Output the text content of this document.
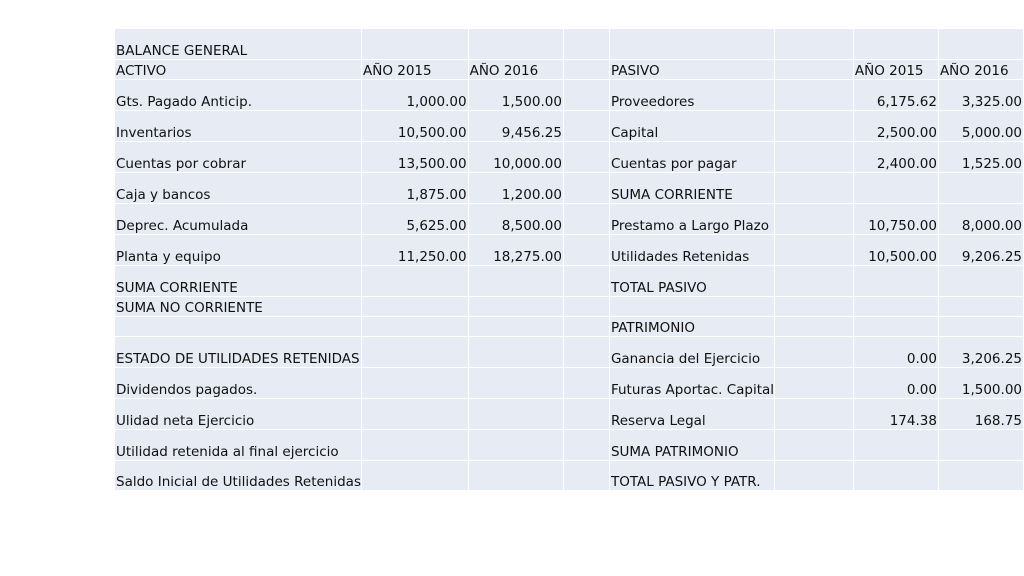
BALANCE GENERAL							
ACTIVO	AÑO 2015	AÑO 2016		PASIVO		AÑO 2015	AÑO 2016
Gts. Pagado Anticip.	1,000.00	1,500.00		Proveedores		6,175.62	3,325.00
Inventarios	10,500.00	9,456.25		Capital		2,500.00	5,000.00
Cuentas por cobrar	13,500.00	10,000.00		Cuentas por pagar		2,400.00	1,525.00
Caja y bancos	1,875.00	1,200.00		SUMA CORRIENTE			
Deprec. Acumulada	5,625.00	8,500.00		Prestamo a Largo Plazo		10,750.00	8,000.00
Planta y equipo	11,250.00	18,275.00		Utilidades Retenidas		10,500.00	9,206.25
SUMA CORRIENTE				TOTAL PASIVO			
SUMA NO CORRIENTE							
				PATRIMONIO			
ESTADO DE UTILIDADES RETENIDAS				Ganancia del Ejercicio		0.00	3,206.25
Dividendos pagados.				Futuras Aportac. Capital		0.00	1,500.00
Ulidad neta Ejercicio				Reserva Legal		174.38	168.75
Utilidad retenida al final ejercicio				SUMA PATRIMONIO			
Saldo Inicial de Utilidades Retenidas				TOTAL PASIVO Y PATR.			
